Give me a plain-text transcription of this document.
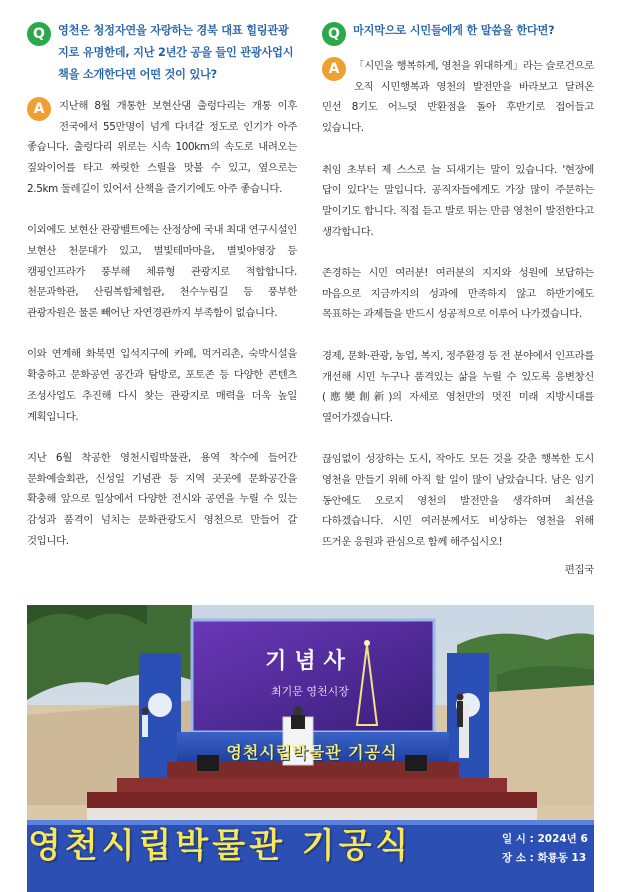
Q	영천은 청정자연을 자랑하는 경북 대표 힐링관광지로 유명한데, 지난 2년간 공을 들인 관광사업시책을 소개한다면 어떤 것이 있나?
A	지난해 8월 개통한 보현산댐 출렁다리는 개통 이후 전국에서 55만명이 넘게 다녀갈 정도로 인기가 아주 좋습니다. 출렁다리 위로는 시속 100km의 속도로 내려오는 짚와이어를 타고 짜릿한 스릴을 맛볼 수 있고, 옆으로는 2.5km 둘레길이 있어서 산책을 즐기기에도 아주 좋습니다.

이외에도 보현산 관광벨트에는 산정상에 국내 최대 연구시설인 보현산 천문대가 있고, 별빛테마마을, 별빛야영장 등 캠핑인프라가 풍부해 체류형 관광지로 적합합니다. 천문과학관, 산림복합체험관, 천수누림길 등 풍부한 관광자원은 물론 빼어난 자연경관까지 부족함이 없습니다.

이와 연계해 화북면 입석지구에 카페, 먹거리촌, 숙박시설을 확충하고 문화공연 공간과 탐방로, 포토존 등 다양한 콘텐츠 조성사업도 추진해 다시 찾는 관광지로 매력을 더욱 높일 계획입니다.

지난 6월 착공한 영천시립박물관, 용역 착수에 들어간 문화예술회관, 신성일 기념관 등 지역 곳곳에 문화공간을 확충해 앞으로 일상에서 다양한 전시와 공연을 누릴 수 있는 감성과 품격이 넘치는 문화관광도시 영천으로 만들어 갈 것입니다.

Q	마지막으로 시민들에게 한 말씀을 한다면?
A	「시민을 행복하게, 영천을 위대하게」라는 슬로건으로 오직 시민행복과 영천의 발전만을 바라보고 달려온 민선 8기도 어느덧 반환점을 돌아 후반기로 접어들고 있습니다.

취임 초부터 제 스스로 늘 되새기는 말이 있습니다. '현장에 답이 있다'는 말입니다. 공직자들에게도 가장 많이 주문하는 말이기도 합니다. 직접 듣고 발로 뛰는 만큼 영천이 발전한다고 생각합니다.

존경하는 시민 여러분! 여러분의 지지와 성원에 보답하는 마음으로 지금까지의 성과에 만족하지 않고 하반기에도 목표하는 과제들을 반드시 성공적으로 이루어 나가겠습니다.

경제, 문화·관광, 농업, 복지, 정주환경 등 전 분야에서 인프라를 개선해 시민 누구나 품격있는 삶을 누릴 수 있도록 응변창신(應變創新)의 자세로 영천만의 멋진 미래 지방시대를 열어가겠습니다.

끊임없이 성장하는 도시, 작아도 모든 것을 갖춘 행복한 도시 영천을 만들기 위해 아직 할 일이 많이 남았습니다. 남은 임기 동안에도 오로지 영천의 발전만을 생각하며 최선을 다하겠습니다. 시민 여러분께서도 비상하는 영천을 위해 뜨거운 응원과 관심으로 함께 해주십시오!

편집국
기념사
최기문 영천시장
영천시립박물관 기공식
영천시립박물관 기공식	일 시 : 2024년 6
장 소 : 화룡동 13
